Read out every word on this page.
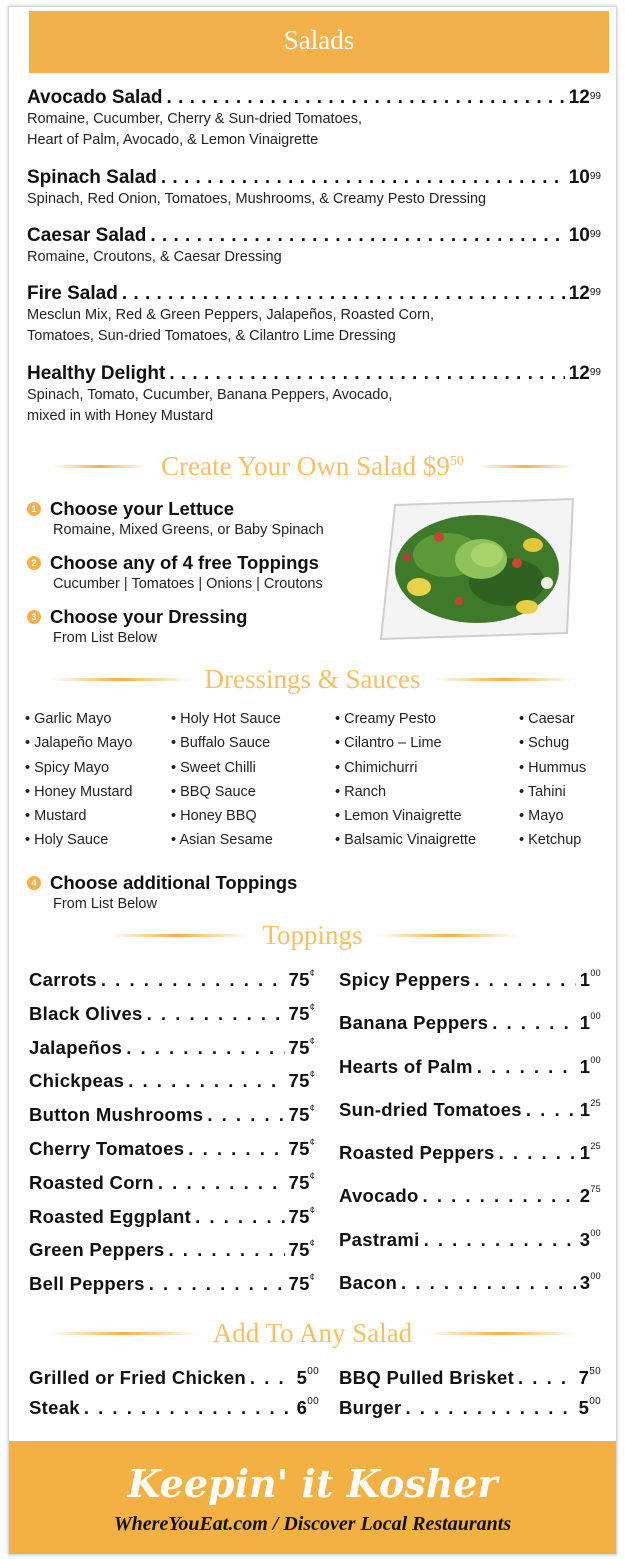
Salads
Avocado Salad . . .	$12^{99}$
Romaine, Cucumber, Cherry & Sun-dried Tomatoes,
Heart of Palm, Avocado, & Lemon Vinaigrette
Spinach Salad . . .	$10^{99}$
Spinach, Red Onion, Tomatoes, Mushrooms, & Creamy Pesto Dressing
Caesar Salad . . .	$10^{99}$
Romaine, Croutons, & Caesar Dressing
Fire Salad . . .	$12^{99}$
Mesclun Mix, Red & Green Peppers, Jalapeños, Roasted Corn,
Tomatoes, Sun-dried Tomatoes, & Cilantro Lime Dressing
Healthy Delight . . .	$12^{99}$
Spinach, Tomato, Cucumber, Banana Peppers, Avocado,
mixed in with Honey Mustard
Create Your Own Salad $\$9^{50}$
1 Choose your Lettuce
Romaine, Mixed Greens, or Baby Spinach
2 Choose any of 4 free Toppings
Cucumber | Tomatoes | Onions | Croutons
3 Choose your Dressing
From List Below
Dressings & Sauces
• Garlic Mayo
• Jalapeño Mayo
• Spicy Mayo
• Honey Mustard
• Mustard
• Holy Sauce
• Holy Hot Sauce
• Buffalo Sauce
• Sweet Chilli
• BBQ Sauce
• Honey BBQ
• Asian Sesame
• Creamy Pesto
• Cilantro – Lime
• Chimichurri
• Ranch
• Lemon Vinaigrette
• Balsamic Vinaigrette
• Caesar
• Schug
• Hummus
• Tahini
• Mayo
• Ketchup
4 Choose additional Toppings
From List Below
Toppings
Carrots . . .	75¢
Black Olives . . .	75¢
Jalapeños . . .	75¢
Chickpeas . . .	75¢
Button Mushrooms . . .	75¢
Cherry Tomatoes . . .	75¢
Roasted Corn . . .	75¢
Roasted Eggplant . . .	75¢
Green Peppers . . .	75¢
Bell Peppers . . .	75¢
Spicy Peppers . . .	$1^{00}$
Banana Peppers . . .	$1^{00}$
Hearts of Palm . . .	$1^{00}$
Sun-dried Tomatoes . . .	$1^{25}$
Roasted Peppers . . .	$1^{25}$
Avocado . . .	$2^{75}$
Pastrami . . .	$3^{00}$
Bacon . . .	$3^{00}$
Add To Any Salad
Grilled or Fried Chicken . . .	$5^{00}$ BBQ Pulled Brisket . . .	$7^{50}$
Steak . . .	$6^{00}$ Burger . . .	$5^{00}$
Keepin' it Kosher
WhereYouEat.com / Discover Local Restaurants
